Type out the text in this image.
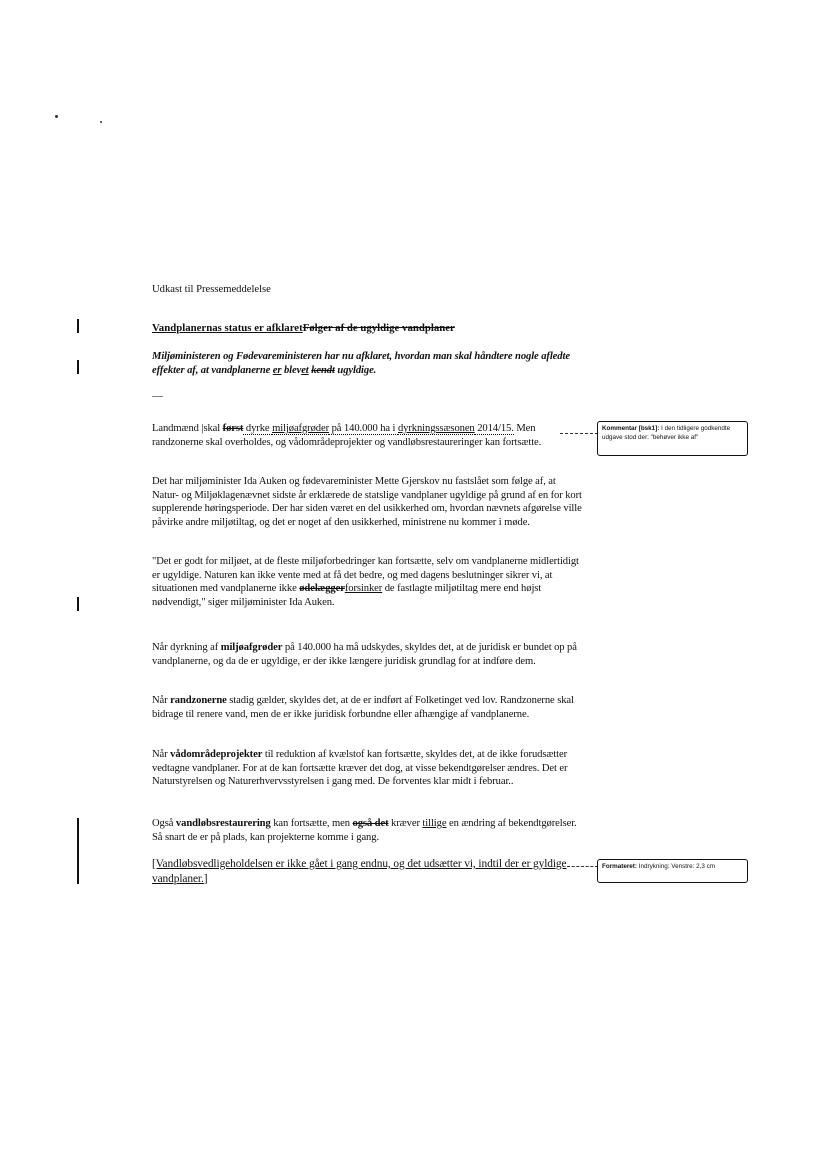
Udkast til Pressemeddelelse
Vandplanernas status er afklaretFølger af de ugyldige vandplaner
Miljøministeren og Fødevareministeren har nu afklaret, hvordan man skal håndtere nogle afledte effekter af, at vandplanerne er blevet kendt ugyldige.
—
Landmænd |skal først dyrke miljøafgrøder på 140.000 ha i dyrkningssæsonen 2014/15. Men randzonerne skal overholdes, og vådområdeprojekter og vandløbsrestaureringer kan fortsætte.
Det har miljøminister Ida Auken og fødevareminister Mette Gjerskov nu fastslået som følge af, at Natur- og Miljøklagenævnet sidste år erklærede de statslige vandplaner ugyldige på grund af en for kort supplerende høringsperiode. Der har siden været en del usikkerhed om, hvordan nævnets afgørelse ville påvirke andre miljøtiltag, og det er noget af den usikkerhed, ministrene nu kommer i møde.
"Det er godt for miljøet, at de fleste miljøforbedringer kan fortsætte, selv om vandplanerne midlertidigt er ugyldige. Naturen kan ikke vente med at få det bedre, og med dagens beslutninger sikrer vi, at situationen med vandplanerne ikke ødelæggerforsinker de fastlagte miljøtiltag mere end højst nødvendigt," siger miljøminister Ida Auken.
Når dyrkning af miljøafgrøder på 140.000 ha må udskydes, skyldes det, at de juridisk er bundet op på vandplanerne, og da de er ugyldige, er der ikke længere juridisk grundlag for at indføre dem.
Når randzonerne stadig gælder, skyldes det, at de er indført af Folketinget ved lov. Randzonerne skal bidrage til renere vand, men de er ikke juridisk forbundne eller afhængige af vandplanerne.
Når vådområdeprojekter til reduktion af kvælstof kan fortsætte, skyldes det, at de ikke forudsætter vedtagne vandplaner. For at de kan fortsætte kræver det dog, at visse bekendtgørelser ændres. Det er Naturstyrelsen og Naturerhvervsstyrelsen i gang med. De forventes klar midt i februar..
Også vandløbsrestaurering kan fortsætte, men også det kræver tillige en ændring af bekendtgørelser. Så snart de er på plads, kan projekterne komme i gang.
[Vandløbsvedligeholdelsen er ikke gået i gang endnu, og det udsætter vi, indtil der er gyldige vandplaner.]
Kommentar [bsk1]: I den tidligere godkendte udgave stod der: "behøver ikke af"
Formateret: Indrykning: Venstre: 2,3 cm
